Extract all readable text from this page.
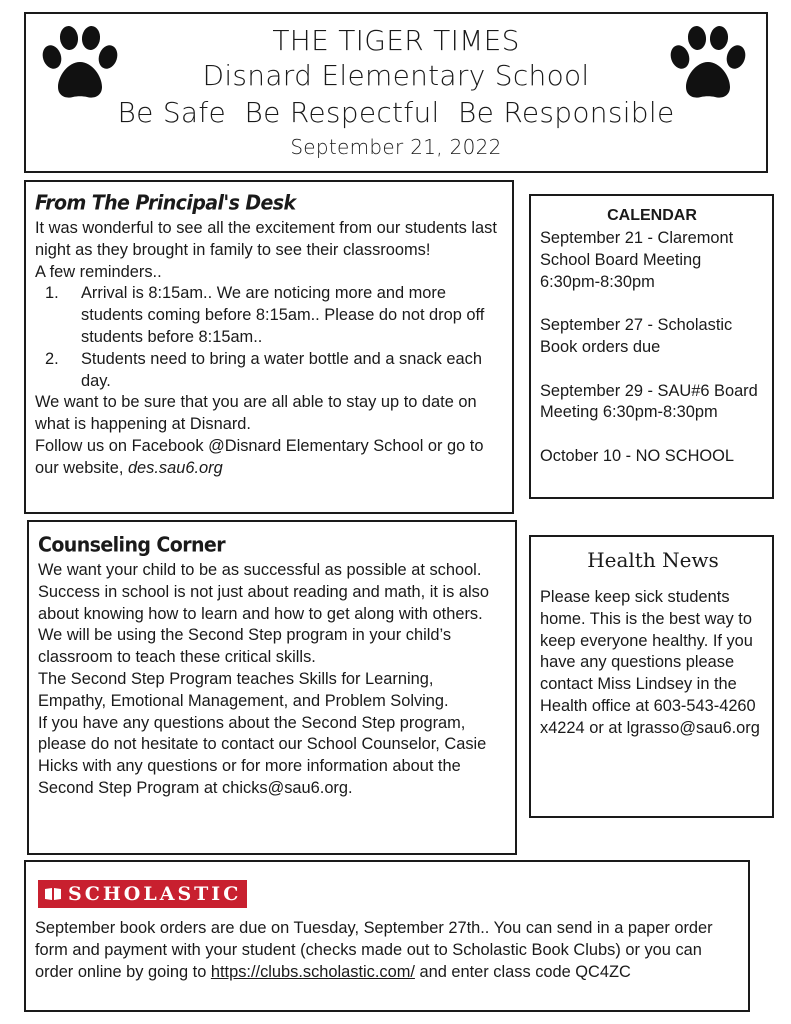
THE TIGER TIMES
Disnard Elementary School
Be Safe  Be Respectful  Be Responsible
September 21, 2022
From The Principal's Desk

It was wonderful to see all the excitement from our students last night as they brought in family to see their classrooms!

A few reminders..

1. Arrival is 8:15am.. We are noticing more and more students coming before 8:15am.. Please do not drop off students before 8:15am..
2. Students need to bring a water bottle and a snack each day.

We want to be sure that you are all able to stay up to date on what is happening at Disnard.

Follow us on Facebook @Disnard Elementary School or go to our website, des.sau6.org

CALENDAR
September 21 - Claremont School Board Meeting 6:30pm-8:30pm
September 27 - Scholastic Book orders due
September 29 - SAU#6 Board Meeting 6:30pm-8:30pm
October 10 - NO SCHOOL
Counseling Corner

We want your child to be as successful as possible at school. Success in school is not just about reading and math, it is also about knowing how to learn and how to get along with others. We will be using the Second Step program in your child’s classroom to teach these critical skills.

The Second Step Program teaches Skills for Learning, Empathy, Emotional Management, and Problem Solving.

If you have any questions about the Second Step program, please do not hesitate to contact our School Counselor, Casie Hicks with any questions or for more information about the Second Step Program at chicks@sau6.org.

Health News
Please keep sick students home. This is the best way to keep everyone healthy. If you have any questions please contact Miss Lindsey in the Health office at 603-543-4260 x4224 or at lgrasso@sau6.org
SCHOLASTIC
September book orders are due on Tuesday, September 27th.. You can send in a paper order form and payment with your student (checks made out to Scholastic Book Clubs) or you can order online by going to https://clubs.scholastic.com/ and enter class code QC4ZC
